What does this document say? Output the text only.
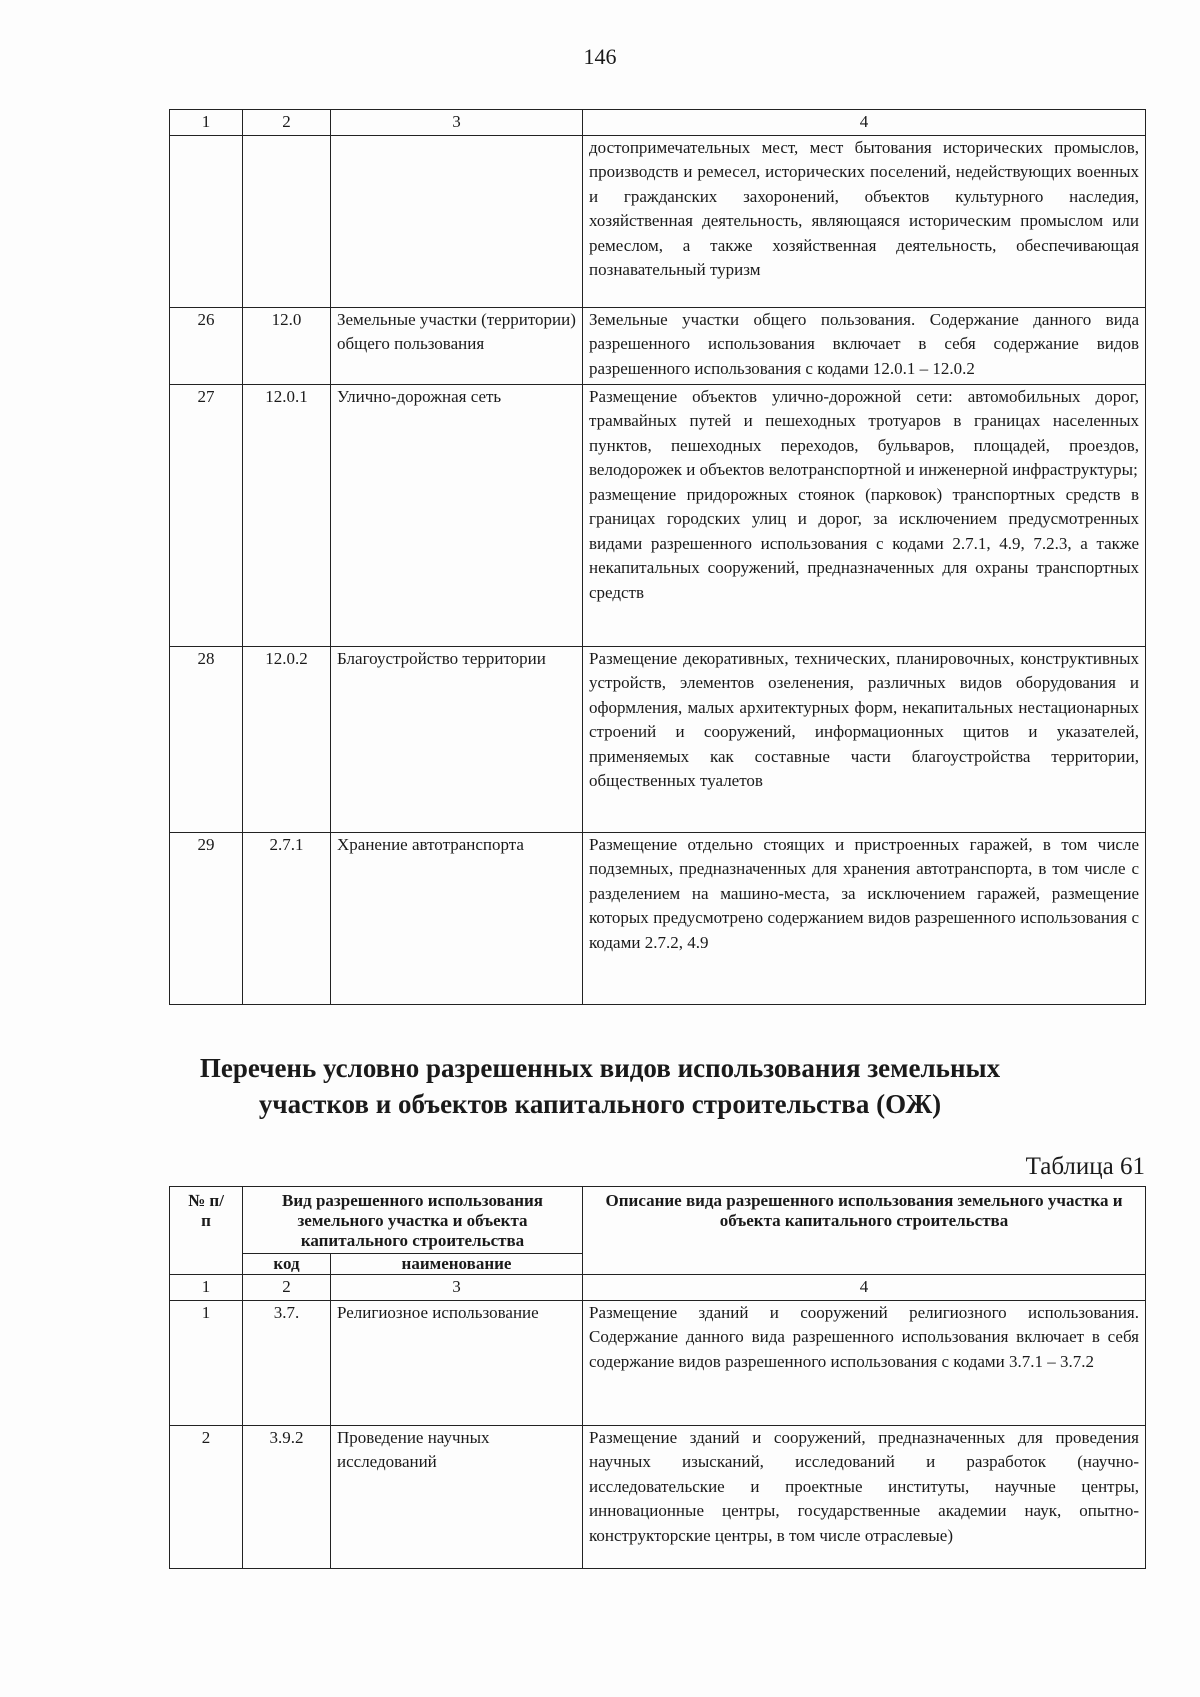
146
1	2	3	4
			достопримечательных мест, мест бытования исторических промыслов, производств и ремесел, исторических поселений, недействующих военных и гражданских захоронений, объектов культурного наследия, хозяйственная деятельность, являющаяся историческим промыслом или ремеслом, а также хозяйственная деятельность, обеспечивающая познавательный туризм
26	12.0	Земельные участки (территории) общего пользования	Земельные участки общего пользования. Содержание данного вида разрешенного использования включает в себя содержание видов разрешенного использования с кодами 12.0.1 – 12.0.2
27	12.0.1	Улично-дорожная сеть	Размещение объектов улично-дорожной сети: автомобильных дорог, трамвайных путей и пешеходных тротуаров в границах населенных пунктов, пешеходных переходов, бульваров, площадей, проездов, велодорожек и объектов велотранспортной и инженерной инфраструктуры;
размещение придорожных стоянок (парковок) транспортных средств в границах городских улиц и дорог, за исключением предусмотренных видами разрешенного использования с кодами 2.7.1, 4.9, 7.2.3, а также некапитальных сооружений, предназначенных для охраны транспортных средств

28	12.0.2	Благоустройство территории	Размещение декоративных, технических, планировочных, конструктивных устройств, элементов озеленения, различных видов оборудования и оформления, малых архитектурных форм, некапитальных нестационарных строений и сооружений, информационных щитов и указателей, применяемых как составные части благоустройства территории, общественных туалетов
29	2.7.1	Хранение автотранспорта	Размещение отдельно стоящих и пристроенных гаражей, в том числе подземных, предназначенных для хранения автотранспорта, в том числе с разделением на машино-места, за исключением гаражей, размещение которых предусмотрено содержанием видов разрешенного использования с кодами 2.7.2, 4.9
Перечень условно разрешенных видов использования земельных
участков и объектов капитального строительства (ОЖ)
Таблица 61
№ п/п	Вид разрешенного использования земельного участка и объекта капитального строительства		Описание вида разрешенного использования земельного участка и объекта капитального строительства
	код	наименование	
1	2	3	4
1	3.7.	Религиозное использование	Размещение зданий и сооружений религиозного использования. Содержание данного вида разрешенного использования включает в себя содержание видов разрешенного использования с кодами 3.7.1 – 3.7.2
2	3.9.2	Проведение научных исследований	Размещение зданий и сооружений, предназначенных для проведения научных изысканий, исследований и разработок (научно-исследовательские и проектные институты, научные центры, инновационные центры, государственные академии наук, опытно-конструкторские центры, в том числе отраслевые)
